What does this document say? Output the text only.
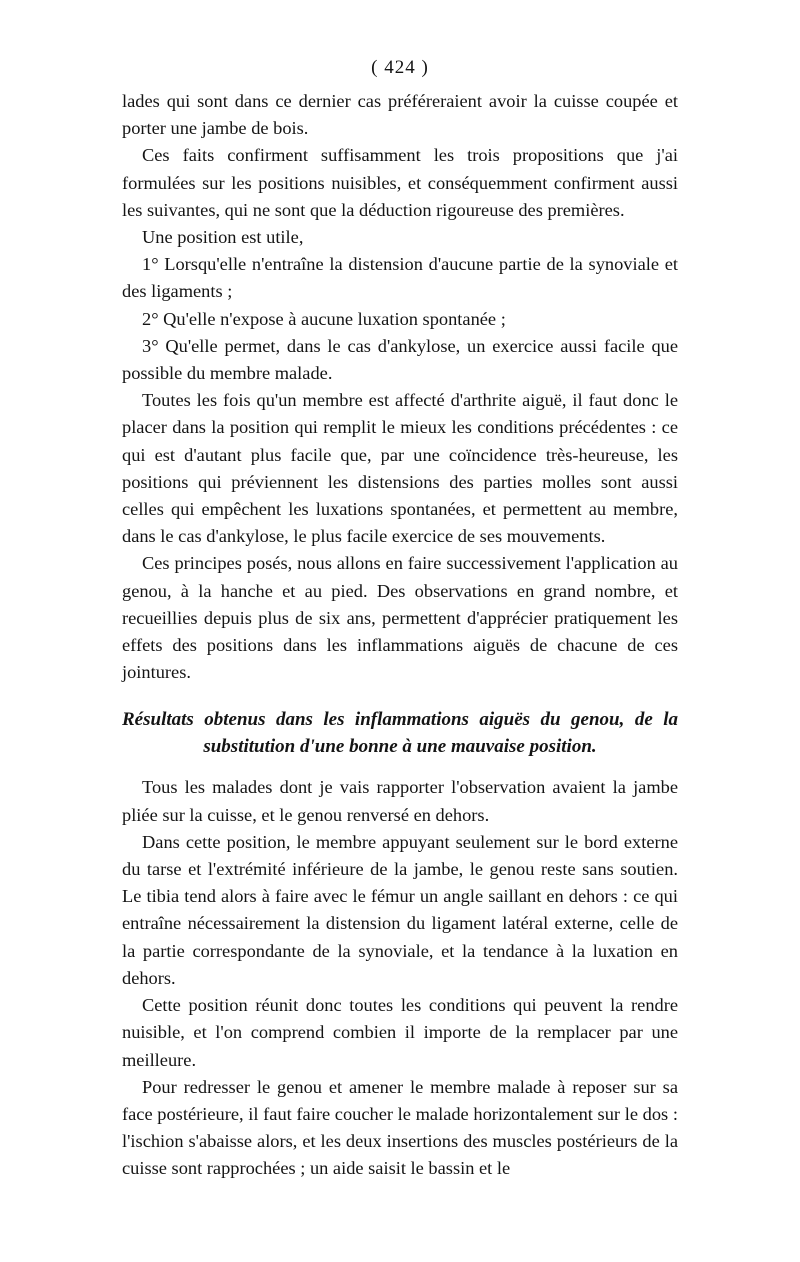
( 424 )

lades qui sont dans ce dernier cas préféreraient avoir la cuisse coupée et porter une jambe de bois.

Ces faits confirment suffisamment les trois propositions que j'ai formulées sur les positions nuisibles, et conséquemment confirment aussi les suivantes, qui ne sont que la déduction rigoureuse des premières.

Une position est utile,

1° Lorsqu'elle n'entraîne la distension d'aucune partie de la synoviale et des ligaments ;

2° Qu'elle n'expose à aucune luxation spontanée ;

3° Qu'elle permet, dans le cas d'ankylose, un exercice aussi facile que possible du membre malade.

Toutes les fois qu'un membre est affecté d'arthrite aiguë, il faut donc le placer dans la position qui remplit le mieux les conditions précédentes : ce qui est d'autant plus facile que, par une coïncidence très-heureuse, les positions qui préviennent les distensions des parties molles sont aussi celles qui empêchent les luxations spontanées, et permettent au membre, dans le cas d'ankylose, le plus facile exercice de ses mouvements.

Ces principes posés, nous allons en faire successivement l'application au genou, à la hanche et au pied. Des observations en grand nombre, et recueillies depuis plus de six ans, permettent d'apprécier pratiquement les effets des positions dans les inflammations aiguës de chacune de ces jointures.

Résultats obtenus dans les inflammations aiguës du genou, de la
substitution d'une bonne à une mauvaise position.

Tous les malades dont je vais rapporter l'observation avaient la jambe pliée sur la cuisse, et le genou renversé en dehors.

Dans cette position, le membre appuyant seulement sur le bord externe du tarse et l'extrémité inférieure de la jambe, le genou reste sans soutien. Le tibia tend alors à faire avec le fémur un angle saillant en dehors : ce qui entraîne nécessairement la distension du ligament latéral externe, celle de la partie correspondante de la synoviale, et la tendance à la luxation en dehors.

Cette position réunit donc toutes les conditions qui peuvent la rendre nuisible, et l'on comprend combien il importe de la remplacer par une meilleure.

Pour redresser le genou et amener le membre malade à reposer sur sa face postérieure, il faut faire coucher le malade horizontalement sur le dos : l'ischion s'abaisse alors, et les deux insertions des muscles postérieurs de la cuisse sont rapprochées ; un aide saisit le bassin et le
